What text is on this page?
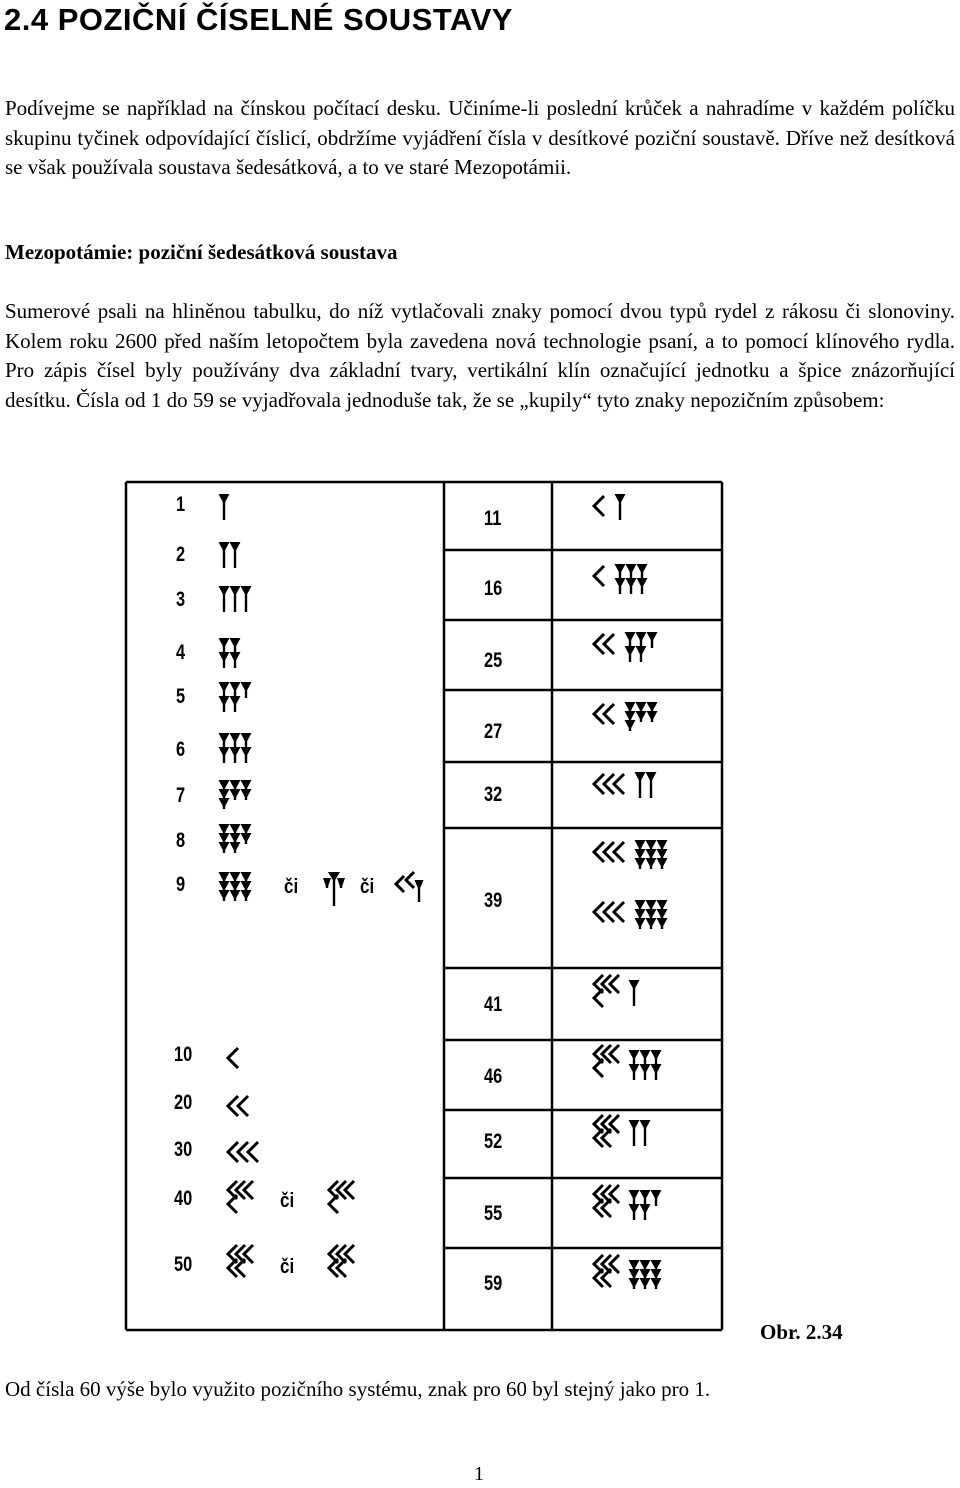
2.4 POZIČNÍ ČÍSELNÉ SOUSTAVY
Podívejme se například na čínskou počítací desku. Učiníme-li poslední krůček a nahradíme v každém políčku skupinu tyčinek odpovídající číslicí, obdržíme vyjádření čísla v desítkové poziční soustavě. Dříve než desítková se však používala soustava šedesátková, a to ve staré Mezopotámii.
Mezopotámie: poziční šedesátková soustava
Sumerové psali na hliněnou tabulku, do níž vytlačovali znaky pomocí dvou typů rydel z rákosu či slonoviny. Kolem roku 2600 před naším letopočtem byla zavedena nová technologie psaní, a to pomocí klínového rydla. Pro zápis čísel byly používány dva základní tvary, vertikální klín označující jednotku a špice znázorňující desítku. Čísla od 1 do 59 se vyjadřovala jednoduše tak, že se „kupily“ tyto znaky nepozičním způsobem:
1
2
3
4
5
6
7
8
9
10
20
30
40
50
11
16
25
27
32
39
41
46
52
55
59
či	či
či
či
Obr. 2.34
Od čísla 60 výše bylo využito pozičního systému, znak pro 60 byl stejný jako pro 1.
1
